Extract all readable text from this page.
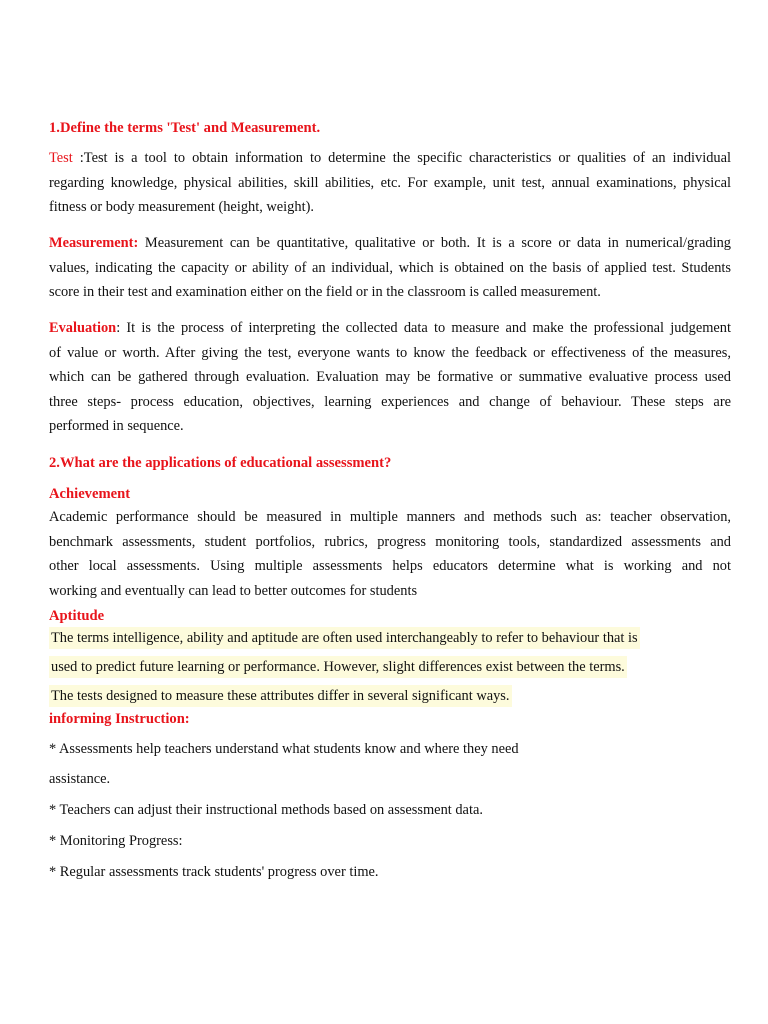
1.Define the terms 'Test' and Measurement.

Test :Test is a tool to obtain information to determine the specific characteristics or qualities of an individual
regarding knowledge, physical abilities, skill abilities, etc. For example, unit test, annual examinations, physical
fitness or body measurement (height, weight).
Measurement: Measurement can be quantitative, qualitative or both. It is a score or data in numerical/grading
values, indicating the capacity or ability of an individual, which is obtained on the basis of applied test. Students
score in their test and examination either on the field or in the classroom is called measurement.
Evaluation: It is the process of interpreting the collected data to measure and make the professional judgement
of value or worth. After giving the test, everyone wants to know the feedback or effectiveness of the measures,
which can be gathered through evaluation. Evaluation may be formative or summative evaluative process used
three steps- process education, objectives, learning experiences and change of behaviour. These steps are
performed in sequence.

2.What are the applications of educational assessment?

Achievement

Academic performance should be measured in multiple manners and methods such as: teacher observation,
benchmark assessments, student portfolios, rubrics, progress monitoring tools, standardized assessments and
other local assessments. Using multiple assessments helps educators determine what is working and not
working and eventually can lead to better outcomes for students

Aptitude

The terms intelligence, ability and aptitude are often used interchangeably to refer to behaviour that is
used to predict future learning or performance. However, slight differences exist between the terms.
The tests designed to measure these attributes differ in several significant ways.

informing Instruction:

* Assessments help teachers understand what students know and where they need
assistance.
* Teachers can adjust their instructional methods based on assessment data.
* Monitoring Progress:
* Regular assessments track students' progress over time.
